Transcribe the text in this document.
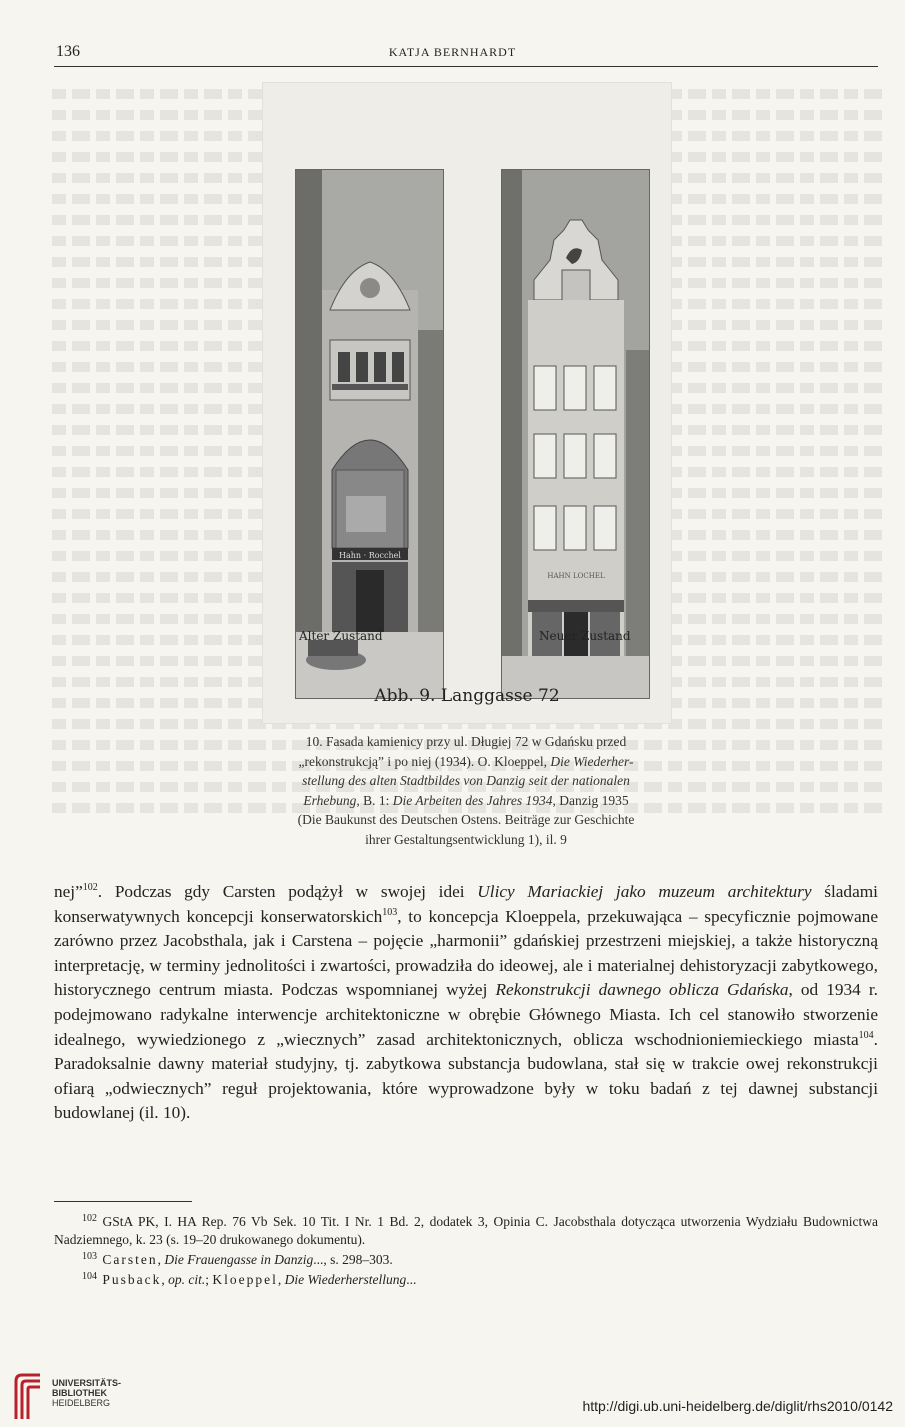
136	KATJA BERNHARDT
Hahn · Rocchel
HAHN LOCHEL
Alter Zustand	Neuer Zustand
Abb. 9. Langgasse 72
10. Fasada kamienicy przy ul. Długiej 72 w Gdańsku przed
„rekonstrukcją” i po niej (1934). O. Kloeppel, Die Wiederher-
stellung des alten Stadtbildes von Danzig seit der nationalen
Erhebung, B. 1: Die Arbeiten des Jahres 1934, Danzig 1935
(Die Baukunst des Deutschen Ostens. Beiträge zur Geschichte
ihrer Gestaltungsentwicklung 1), il. 9
nej”$^{102}$. Podczas gdy Carsten podążył w swojej idei Ulicy Mariackiej jako muzeum architektury śladami konserwatywnych koncepcji konserwatorskich$^{103}$, to koncepcja Kloeppela, przekuwająca – specyficznie pojmowane zarówno przez Jacobsthala, jak i Carstena – pojęcie „harmonii” gdańskiej przestrzeni miejskiej, a także historyczną interpretację, w terminy jednolitości i zwartości, prowadziła do ideowej, ale i materialnej dehistoryzacji zabytkowego, historycznego centrum miasta. Podczas wspomnianej wyżej Rekonstrukcji dawnego oblicza Gdańska, od 1934 r. podejmowano radykalne interwencje architektoniczne w obrębie Głównego Miasta. Ich cel stanowiło stworzenie idealnego, wywiedzionego z „wiecznych” zasad architektonicznych, oblicza wschodnioniemieckiego miasta$^{104}$. Paradoksalnie dawny materiał studyjny, tj. zabytkowa substancja budowlana, stał się w trakcie owej rekonstrukcji ofiarą „odwiecznych” reguł projektowania, które wyprowadzone były w toku badań z tej dawnej substancji budowlanej (il. 10).
$^{102}$ GStA PK, I. HA Rep. 76 Vb Sek. 10 Tit. I Nr. 1 Bd. 2, dodatek 3, Opinia C. Jacobsthala dotycząca utworzenia Wydziału Budownictwa Nadziemnego, k. 23 (s. 19–20 drukowanego dokumentu).
$^{103}$ Carsten, Die Frauengasse in Danzig..., s. 298–303.
$^{104}$ Pusback, op. cit.; Kloeppel, Die Wiederherstellung...
UNIVERSITÄTS-
BIBLIOTHEK
HEIDELBERG	http://digi.ub.uni-heidelberg.de/diglit/rhs2010/0142
